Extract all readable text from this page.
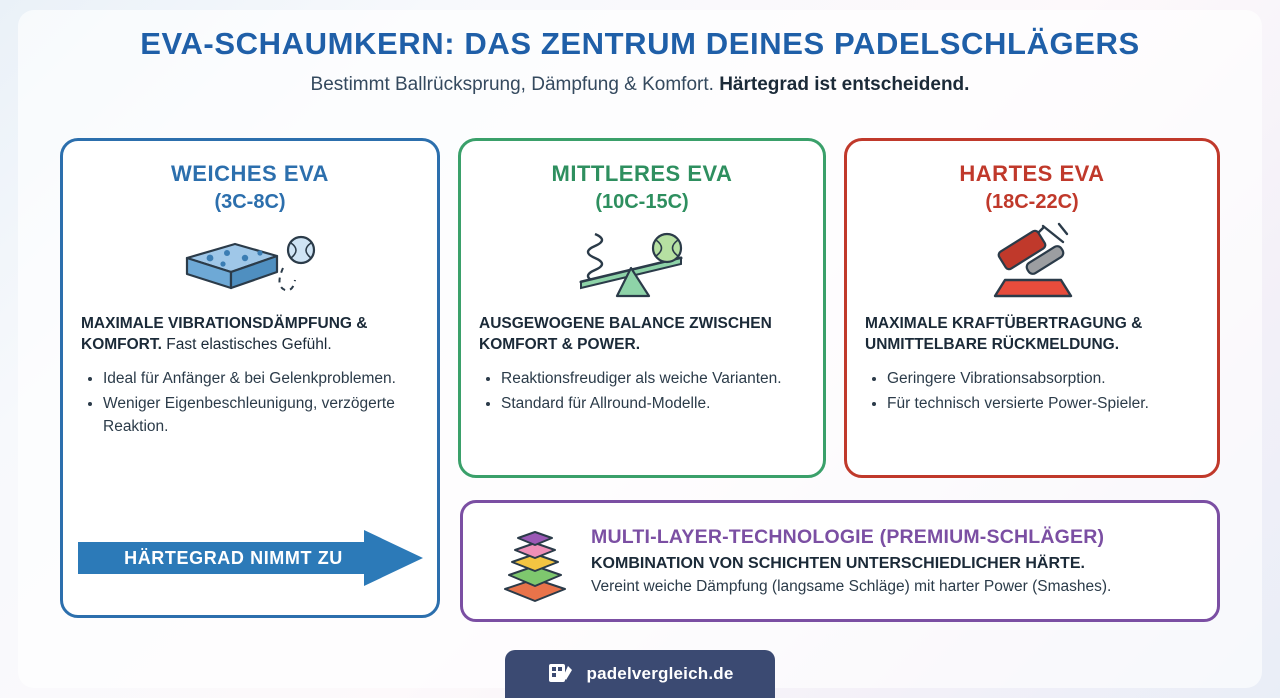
EVA-SCHAUMKERN: DAS ZENTRUM DEINES PADELSCHLÄGERS
Bestimmt Ballrücksprung, Dämpfung & Komfort. Härtegrad ist entscheidend.
WEICHES EVA
(3C-8C)
MAXIMALE VIBRATIONSDÄMPFUNG & KOMFORT. Fast elastisches Gefühl.
• Ideal für Anfänger & bei Gelenkproblemen.
• Weniger Eigenbeschleunigung, verzögerte Reaktion.
MITTLERES EVA
(10C-15C)
AUSGEWOGENE BALANCE ZWISCHEN KOMFORT & POWER.
• Reaktionsfreudiger als weiche Varianten.
• Standard für Allround-Modelle.
HARTES EVA
(18C-22C)
MAXIMALE KRAFTÜBERTRAGUNG & UNMITTELBARE RÜCKMELDUNG.
• Geringere Vibrationsabsorption.
• Für technisch versierte Power-Spieler.
HÄRTEGRAD NIMMT ZU
MULTI-LAYER-TECHNOLOGIE (PREMIUM-SCHLÄGER)
KOMBINATION VON SCHICHTEN UNTERSCHIEDLICHER HÄRTE.
Vereint weiche Dämpfung (langsame Schläge) mit harter Power (Smashes).
padelvergleich.de
